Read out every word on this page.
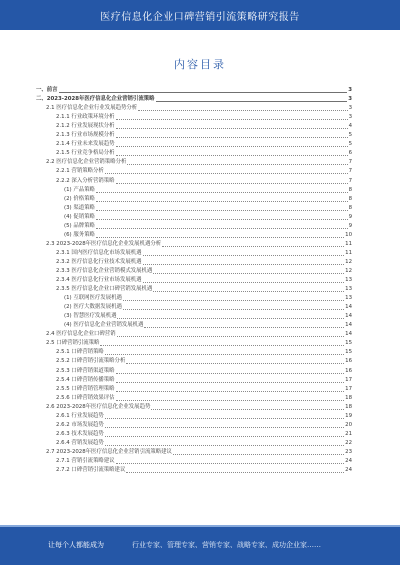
医疗信息化企业口碑营销引流策略研究报告
内容目录
一、前言	3
二、2023-2028年医疗信息化企业营销引流策略	3
2.1 医疗信息化企业行业发展趋势分析	3
2.1.1 行业政策环境分析	3
2.1.2 行业发展现状分析	4
2.1.3 行业市场规模分析	5
2.1.4 行业未来发展趋势	5
2.1.5 行业竞争格局分析	6
2.2 医疗信息化企业营销策略分析	7
2.2.1 营销策略分析	7
2.2.2 深入分析营销策略	7
(1) 产品策略	8
(2) 价格策略	8
(3) 渠道策略	8
(4) 促销策略	9
(5) 品牌策略	9
(6) 服务策略	10
2.3 2023-2028年医疗信息化企业发展机遇分析	11
2.3.1 国内医疗信息化市场发展机遇	11
2.3.2 医疗信息化行业技术发展机遇	12
2.3.3 医疗信息化企业营销模式发展机遇	12
2.3.4 医疗信息化行业市场发展机遇	13
2.3.5 医疗信息化企业口碑营销发展机遇	13
(1) 互联网医疗发展机遇	13
(2) 医疗大数据发展机遇	14
(3) 智慧医疗发展机遇	14
(4) 医疗信息化企业营销发展机遇	14
2.4 医疗信息化企业口碑营销	14
2.5 口碑营销引流策略	15
2.5.1 口碑营销策略	15
2.5.2 口碑营销引流策略分析	16
2.5.3 口碑营销渠道策略	16
2.5.4 口碑营销传播策略	17
2.5.5 口碑营销管理策略	17
2.5.6 口碑营销效果评估	18
2.6 2023-2028年医疗信息化企业发展趋势	18
2.6.1 行业发展趋势	19
2.6.2 市场发展趋势	20
2.6.3 技术发展趋势	21
2.6.4 营销发展趋势	22
2.7 2023-2028年医疗信息化企业营销引流策略建议	23
2.7.1 营销引流策略建议	24
2.7.2 口碑营销引流策略建议	24
让每个人都能成为	行业专家、管理专家、营销专家、战略专家、成功企业家……
